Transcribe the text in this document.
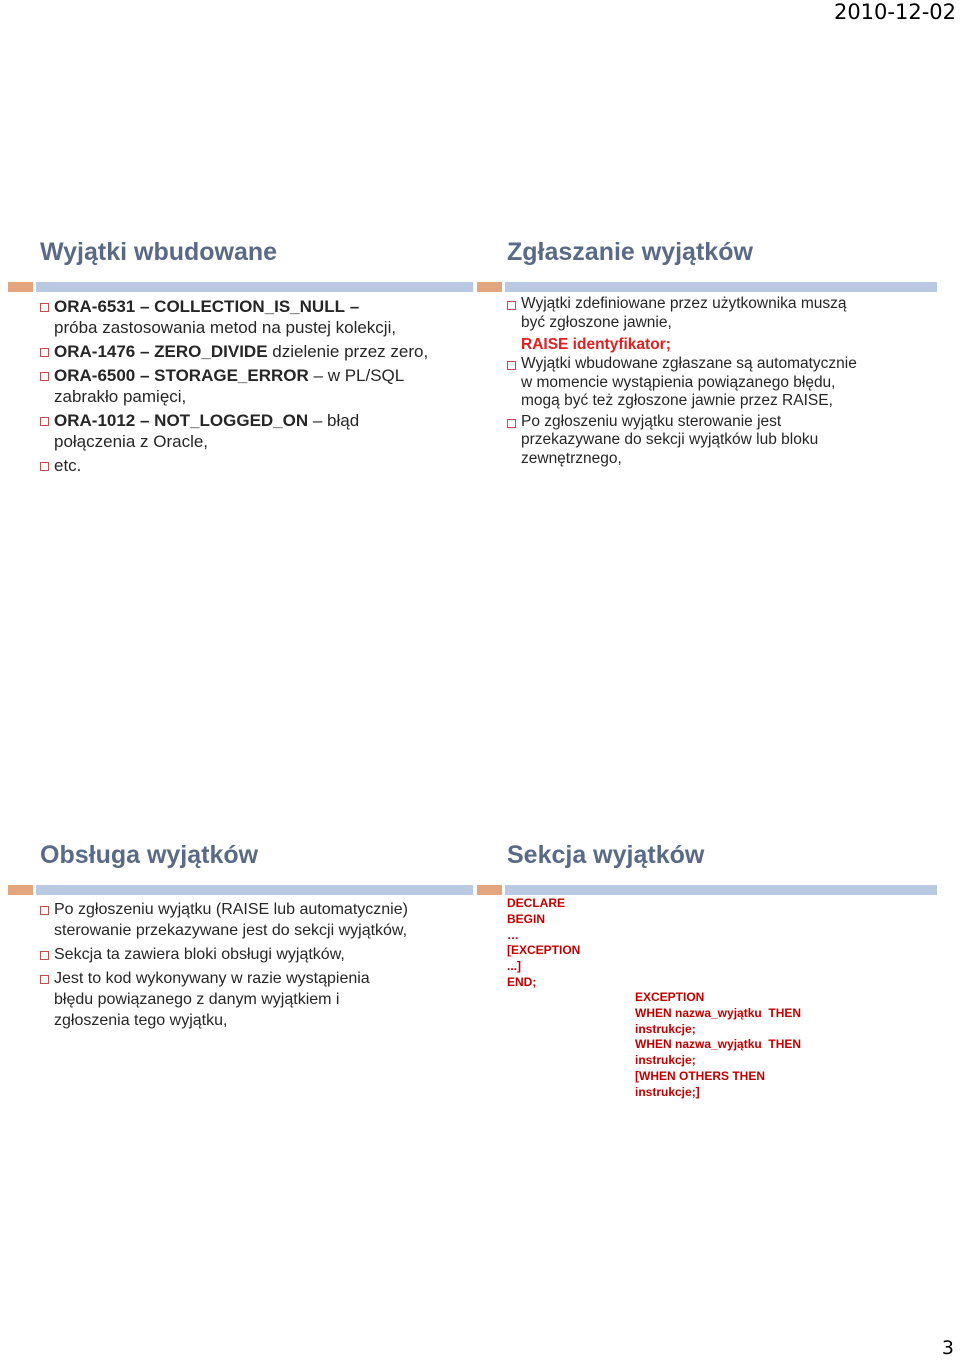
2010-12-02
Wyjątki wbudowane
ORA-6531 – COLLECTION_IS_NULL –
próba zastosowania metod na pustej kolekcji,
ORA-1476 – ZERO_DIVIDE dzielenie przez zero,
ORA-6500 – STORAGE_ERROR – w PL/SQL zabrakło pamięci,
ORA-1012 – NOT_LOGGED_ON – błąd połączenia z Oracle,
etc.
Zgłaszanie wyjątków
Wyjątki zdefiniowane przez użytkownika muszą być zgłoszone jawnie,
RAISE identyfikator;
Wyjątki wbudowane zgłaszane są automatycznie w momencie wystąpienia powiązanego błędu, mogą być też zgłoszone jawnie przez RAISE,
Po zgłoszeniu wyjątku sterowanie jest przekazywane do sekcji wyjątków lub bloku zewnętrznego,
Obsługa wyjątków
Po zgłoszeniu wyjątku (RAISE lub automatycznie) sterowanie przekazywane jest do sekcji wyjątków,
Sekcja ta zawiera bloki obsługi wyjątków,
Jest to kod wykonywany w razie wystąpienia błędu powiązanego z danym wyjątkiem i zgłoszenia tego wyjątku,
Sekcja wyjątków
DECLARE
BEGIN
…
[EXCEPTION
...]
END;
EXCEPTION
WHEN nazwa_wyjątku  THEN
instrukcje;
WHEN nazwa_wyjątku  THEN
instrukcje;
[WHEN OTHERS THEN
instrukcje;]
3
